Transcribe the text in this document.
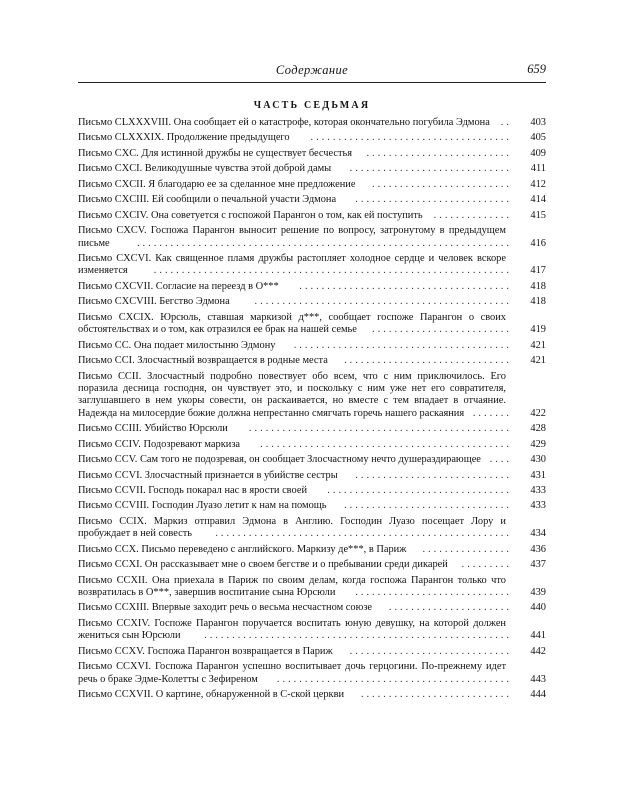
Содержание	659
ЧАСТЬ СЕДЬМАЯ
Письмо CLXXXVIII. Она сообщает ей о катастрофе, которая окончательно погубила Эдмона	..	403
Письмо CLXXXIX. Продолжение предыдущего	....................................	405
Письмо CXC. Для истинной дружбы не существует бесчестья	..........................	409
Письмо CXCI. Великодушные чувства этой доброй дамы	.............................	411
Письмо CXCII. Я благодарю ее за сделанное мне предложение	.........................	412
Письмо CXCIII. Ей сообщили о печальной участи Эдмона	............................	414
Письмо CXCIV. Она советуется с госпожой Парангон о том, как ей поступить	..............	415
Письмо CXCV. Госпожа Парангон выносит решение по вопросу, затронутому в предыдущем письме	...................................................................	416
Письмо CXCVI. Как священное пламя дружбы растопляет холодное сердце и человек вскоре изменяется	................................................................	417
Письмо CXCVII. Согласие на переезд в О***	......................................	418
Письмо CXCVIII. Бегство Эдмона	..............................................	418
Письмо CXCIX. Юрсюль, ставшая маркизой д***, сообщает госпоже Парангон о своих обстоятельствах и о том, как отразился ее брак на нашей семье	.........................	419
Письмо CC. Она подает милостыню Эдмону	.......................................	421
Письмо CCI. Злосчастный возвращается в родные места	..............................	421
Письмо CCII. Злосчастный подробно повествует обо всем, что с ним приключилось. Его поразила десница господня, он чувствует это, и поскольку с ним уже нет его совратителя, заглушавшего в нем укоры совести, он раскаивается, но вместе с тем впадает в отчаяние. Надежда на милосердие божие должна непрестанно смягчать горечь нашего раскаяния .......	422
Письмо CCIII. Убийство Юрсюли	...............................................	428
Письмо CCIV. Подозревают маркиза	.............................................	429
Письмо CCV. Сам того не подозревая, он сообщает Злосчастному нечто душераздирающее ....	430
Письмо CCVI. Злосчастный признается в убийстве сестры	............................	431
Письмо CCVII. Господь покарал нас в ярости своей	.................................	433
Письмо CCVIII. Господин Луазо летит к нам на помощь	..............................	433
Письмо CCIX. Маркиз отправил Эдмона в Англию. Господин Луазо посещает Лору и пробуждает в ней совесть	.....................................................	434
Письмо CCX. Письмо переведено с английского. Маркизу де***, в Париж	................	436
Письмо CCXI. Он рассказывает мне о своем бегстве и о пребывании среди дикарей	.........	437
Письмо CCXII. Она приехала в Париж по своим делам, когда госпожа Парангон только что возвратилась в О***, завершив воспитание сына Юрсюли	............................	439
Письмо CCXIII. Впервые заходит речь о весьма несчастном союзе	......................	440
Письмо CCXIV. Госпоже Парангон поручается воспитать юную девушку, на которой должен жениться сын Юрсюли	.......................................................	441
Письмо CCXV. Госпожа Парангон возвращается в Париж	.............................	442
Письмо CCXVI. Госпожа Парангон успешно воспитывает дочь герцогини. По-прежнему идет речь о браке Эдме-Колетты с Зефиреном	..........................................	443
Письмо CCXVII. О картине, обнаруженной в С-ской церкви	...........................	444
